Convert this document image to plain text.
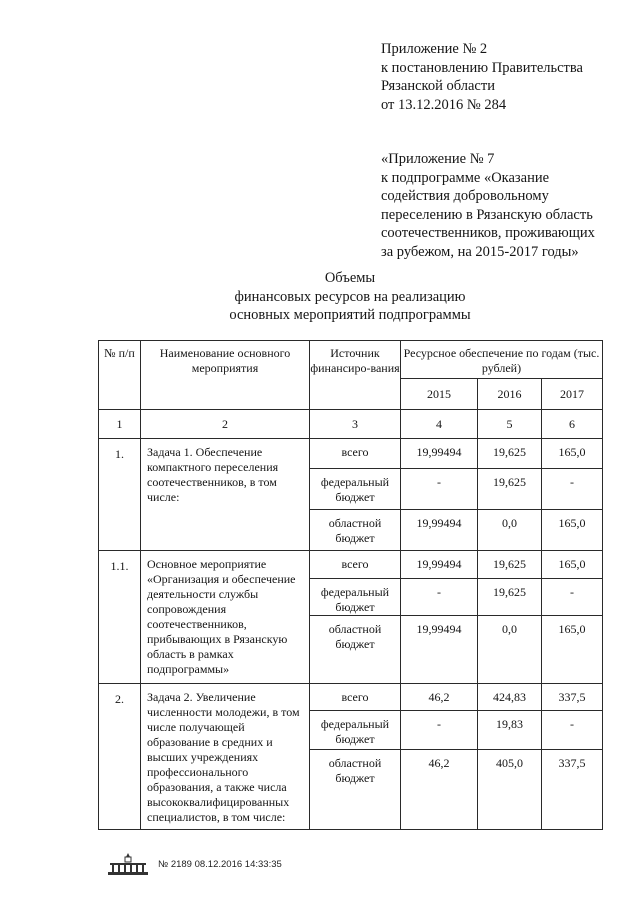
Приложение № 2
к постановлению Правительства
Рязанской области
от 13.12.2016 № 284
«Приложение № 7
к подпрограмме «Оказание
содействия добровольному
переселению в Рязанскую область
соотечественников, проживающих
за рубежом, на 2015-2017 годы»
Объемы
финансовых ресурсов на реализацию
основных мероприятий подпрограммы
№ п/п	Наименование основного мероприятия	Источник финансиро-вания	Ресурсное обеспечение по годам (тыс. рублей)		
			2015	2016	2017
1	2	3	4	5	6
1.	Задача 1. Обеспечение компактного переселения соотечественников, в том числе:	всего	19,99494	19,625	165,0
		федеральный бюджет	-	19,625	-
		областной бюджет	19,99494	0,0	165,0
1.1.	Основное мероприятие «Организация и обеспечение деятельности службы сопровождения соотечественников, прибывающих в Рязанскую область в рамках подпрограммы»	всего	19,99494	19,625	165,0
		федеральный бюджет	-	19,625	-
		областной бюджет	19,99494	0,0	165,0
2.	Задача 2. Увеличение численности молодежи, в том числе получающей образование в средних и высших учреждениях профессионального образования, а также числа высококвалифицированных специалистов, в том числе:	всего	46,2	424,83	337,5
		федеральный бюджет	-	19,83	-
		областной бюджет	46,2	405,0	337,5
№ 2189 08.12.2016 14:33:35
